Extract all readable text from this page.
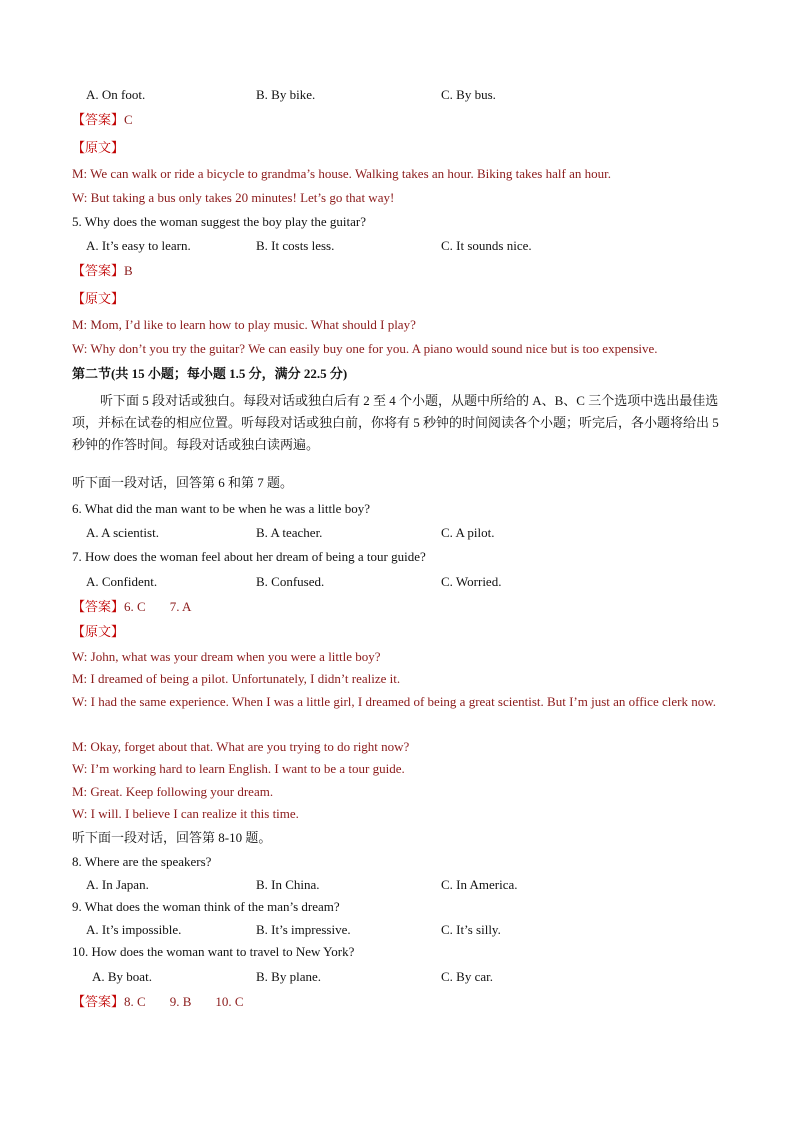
A. On foot.	B. By bike.	C. By bus.
【答案】C
【原文】
M: We can walk or ride a bicycle to grandma’s house. Walking takes an hour. Biking takes half an hour.
W: But taking a bus only takes 20 minutes! Let’s go that way!
5. Why does the woman suggest the boy play the guitar?
A. It’s easy to learn.	B. It costs less.	C. It sounds nice.
【答案】B
【原文】
M: Mom, I’d like to learn how to play music. What should I play?
W: Why don’t you try the guitar? We can easily buy one for you. A piano would sound nice but is too expensive.
第二节(共 15 小题；每小题 1.5 分，满分 22.5 分)
听下面 5 段对话或独白。每段对话或独白后有 2 至 4 个小题，从题中所给的 A、B、C 三个选项中选出最佳选项，并标在试卷的相应位置。听每段对话或独白前，你将有 5 秒钟的时间阅读各个小题；听完后，各小题将给出 5 秒钟的作答时间。每段对话或独白读两遍。
听下面一段对话，回答第 6 和第 7 题。
6. What did the man want to be when he was a little boy?
A. A scientist.	B. A teacher.	C. A pilot.
7. How does the woman feel about her dream of being a tour guide?
A. Confident.	B. Confused.	C. Worried.
【答案】6. C 7. A
【原文】
W: John, what was your dream when you were a little boy?
M: I dreamed of being a pilot. Unfortunately, I didn’t realize it.
W: I had the same experience. When I was a little girl, I dreamed of being a great scientist. But I’m just an office clerk now.
M: Okay, forget about that. What are you trying to do right now?
W: I’m working hard to learn English. I want to be a tour guide.
M: Great. Keep following your dream.
W: I will. I believe I can realize it this time.
听下面一段对话，回答第 8-10 题。
8. Where are the speakers?
A. In Japan.	B. In China.	C. In America.
9. What does the woman think of the man’s dream?
A. It’s impossible.	B. It’s impressive.	C. It’s silly.
10. How does the woman want to travel to New York?
A. By boat.	B. By plane.	C. By car.
【答案】8. C 9. B 10. C
